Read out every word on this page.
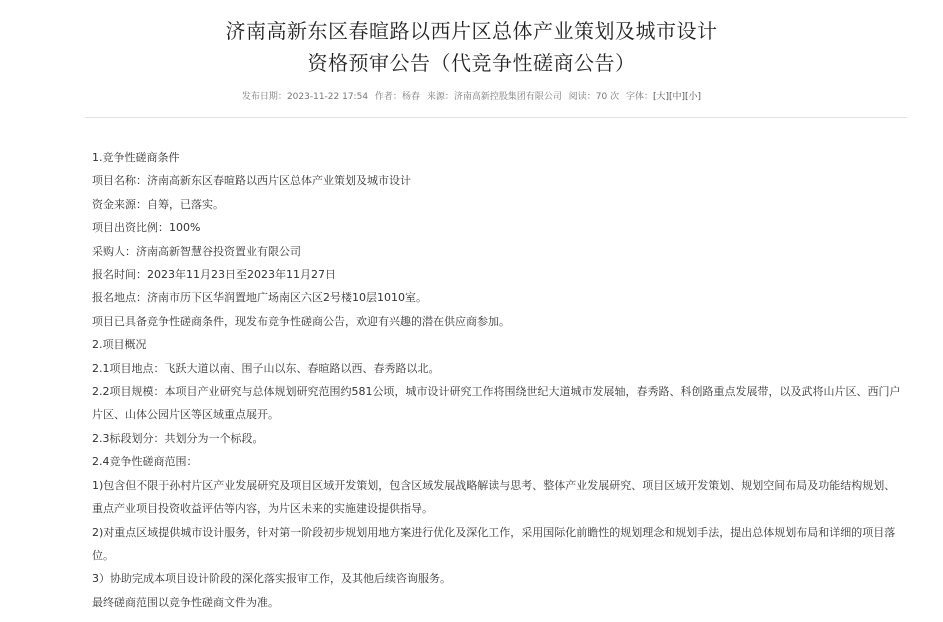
济南高新东区春暄路以西片区总体产业策划及城市设计
资格预审公告（代竞争性磋商公告）
发布日期：2023-11-22 17:54 作者：杨春 来源：济南高新控股集团有限公司 阅读：70 次 字体：[大][中][小]

1.竞争性磋商条件

项目名称：济南高新东区春暄路以西片区总体产业策划及城市设计

资金来源：自筹，已落实。

项目出资比例：100%

采购人：济南高新智慧谷投资置业有限公司

报名时间：2023年11月23日至2023年11月27日

报名地点：济南市历下区华润置地广场南区六区2号楼10层1010室。

项目已具备竞争性磋商条件，现发布竞争性磋商公告，欢迎有兴趣的潜在供应商参加。

2.项目概况

2.1项目地点：飞跃大道以南、围子山以东、春暄路以西、春秀路以北。

2.2项目规模：本项目产业研究与总体规划研究范围约581公顷，城市设计研究工作将围绕世纪大道城市发展轴，春秀路、科创路重点发展带，以及武将山片区、西门户片区、山体公园片区等区域重点展开。

2.3标段划分：共划分为一个标段。

2.4竞争性磋商范围：

1)包含但不限于孙村片区产业发展研究及项目区域开发策划，包含区域发展战略解读与思考、整体产业发展研究、项目区域开发策划、规划空间布局及功能结构规划、重点产业项目投资收益评估等内容，为片区未来的实施建设提供指导。

2)对重点区域提供城市设计服务，针对第一阶段初步规划用地方案进行优化及深化工作，采用国际化前瞻性的规划理念和规划手法，提出总体规划布局和详细的项目落位。

3）协助完成本项目设计阶段的深化落实报审工作，及其他后续咨询服务。

最终磋商范围以竞争性磋商文件为准。
